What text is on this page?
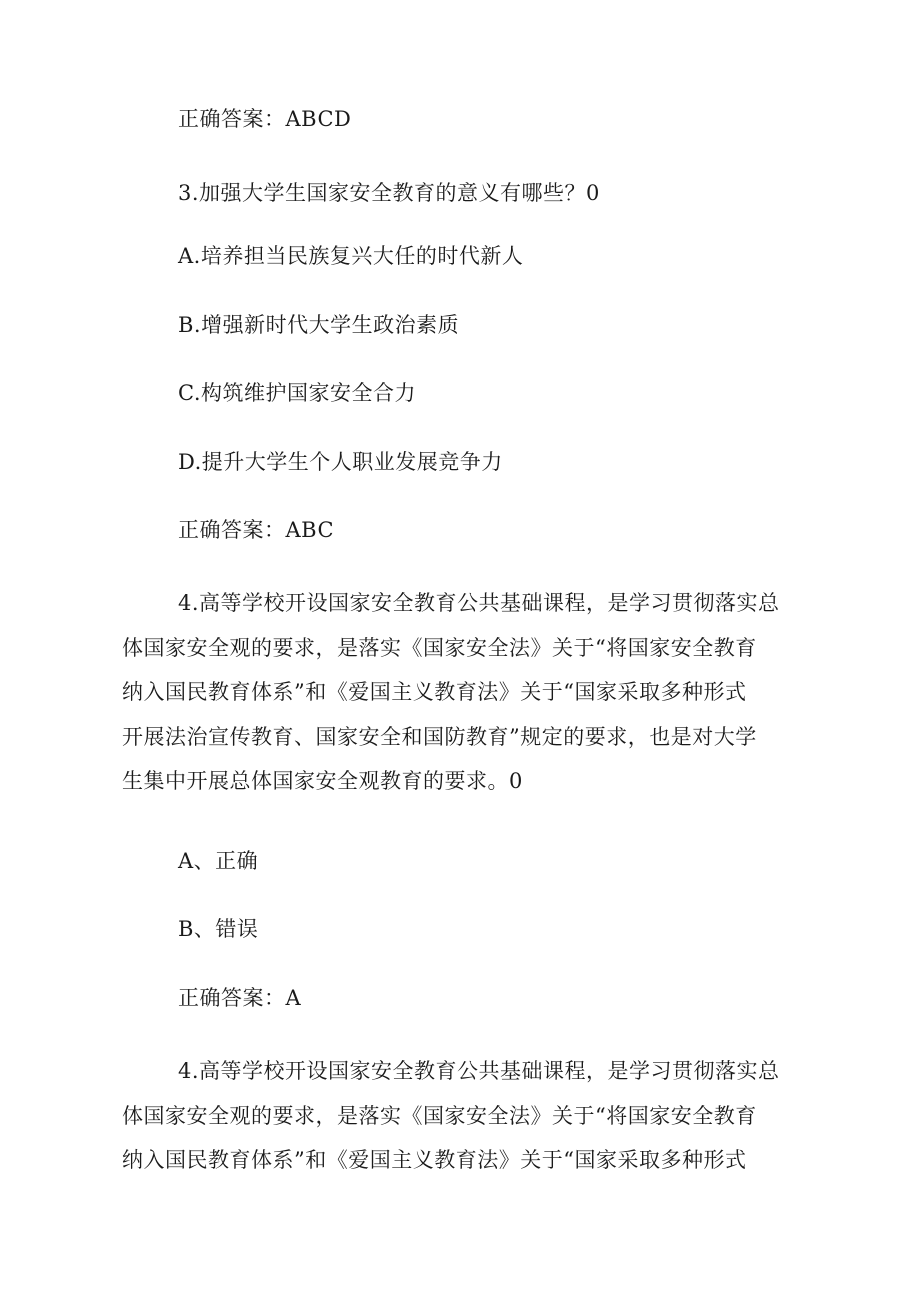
正确答案：ABCD
3.加强大学生国家安全教育的意义有哪些？0
A.培养担当民族复兴大任的时代新人
B.增强新时代大学生政治素质
C.构筑维护国家安全合力
D.提升大学生个人职业发展竞争力
正确答案：ABC
4.高等学校开设国家安全教育公共基础课程，是学习贯彻落实总
体国家安全观的要求，是落实《国家安全法》关于“将国家安全教育
纳入国民教育体系”和《爱国主义教育法》关于“国家采取多种形式
开展法治宣传教育、国家安全和国防教育”规定的要求，也是对大学
生集中开展总体国家安全观教育的要求。0
A、正确
B、错误
正确答案：A
4.高等学校开设国家安全教育公共基础课程，是学习贯彻落实总
体国家安全观的要求，是落实《国家安全法》关于“将国家安全教育
纳入国民教育体系”和《爱国主义教育法》关于“国家采取多种形式
